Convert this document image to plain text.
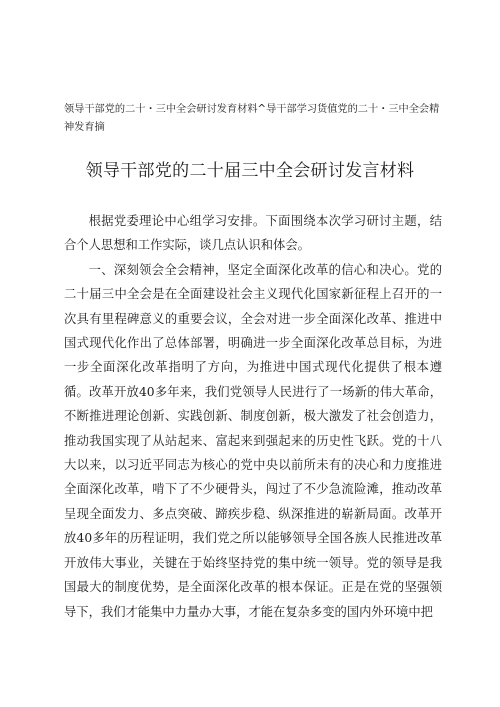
领导干部党的二十・三中全会研讨发育材料^导干部学习货值党的二十・三中全会精神发育摘
领导干部党的二十届三中全会研讨发言材料

根据党委理论中心组学习安排。下面围绕本次学习研讨主题，结合个人思想和工作实际，谈几点认识和体会。

一、深刻领会全会精神，坚定全面深化改革的信心和决心。党的二十届三中全会是在全面建设社会主义现代化国家新征程上召开的一次具有里程碑意义的重要会议，全会对进一步全面深化改革、推进中国式现代化作出了总体部署，明确进一步全面深化改革总目标，为进一步全面深化改革指明了方向，为推进中国式现代化提供了根本遵循。改革开放40多年来，我们党领导人民进行了一场新的伟大革命，不断推进理论创新、实践创新、制度创新，极大激发了社会创造力，推动我国实现了从站起来、富起来到强起来的历史性飞跃。党的十八大以来，以习近平同志为核心的党中央以前所未有的决心和力度推进全面深化改革，啃下了不少硬骨头，闯过了不少急流险滩，推动改革呈现全面发力、多点突破、蹄疾步稳、纵深推进的崭新局面。改革开放40多年的历程证明，我们党之所以能够领导全国各族人民推进改革开放伟大事业，关键在于始终坚持党的集中统一领导。党的领导是我国最大的制度优势，是全面深化改革的根本保证。正是在党的坚强领导下，我们才能集中力量办大事，才能在复杂多变的国内外环境中把
